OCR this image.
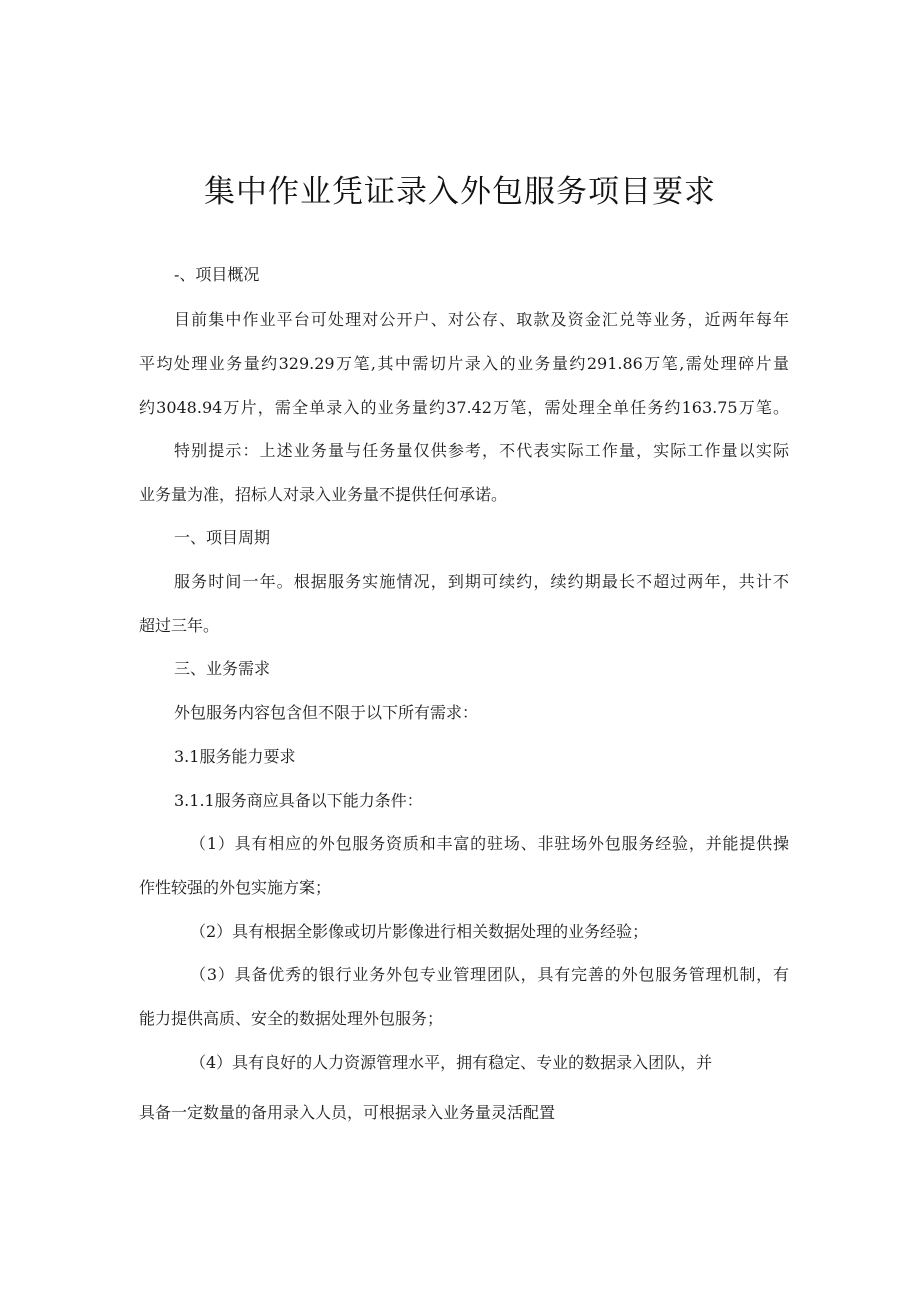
集中作业凭证录入外包服务项目要求
-、项目概况
目前集中作业平台可处理对公开户、对公存、取款及资金汇兑等业务，近两年每年
平均处理业务量约329.29万笔,其中需切片录入的业务量约291.86万笔,需处理碎片量
约3048.94万片，需全单录入的业务量约37.42万笔，需处理全单任务约163.75万笔。
特别提示：上述业务量与任务量仅供参考，不代表实际工作量，实际工作量以实际
业务量为准，招标人对录入业务量不提供任何承诺。
一、项目周期
服务时间一年。根据服务实施情况，到期可续约，续约期最长不超过两年，共计不
超过三年。
三、业务需求
外包服务内容包含但不限于以下所有需求：
3.1服务能力要求
3.1.1服务商应具备以下能力条件：
（1）具有相应的外包服务资质和丰富的驻场、非驻场外包服务经验，并能提供操
作性较强的外包实施方案；
（2）具有根据全影像或切片影像进行相关数据处理的业务经验；
（3）具备优秀的银行业务外包专业管理团队，具有完善的外包服务管理机制，有
能力提供高质、安全的数据处理外包服务；
（4）具有良好的人力资源管理水平，拥有稳定、专业的数据录入团队，并
具备一定数量的备用录入人员，可根据录入业务量灵活配置
